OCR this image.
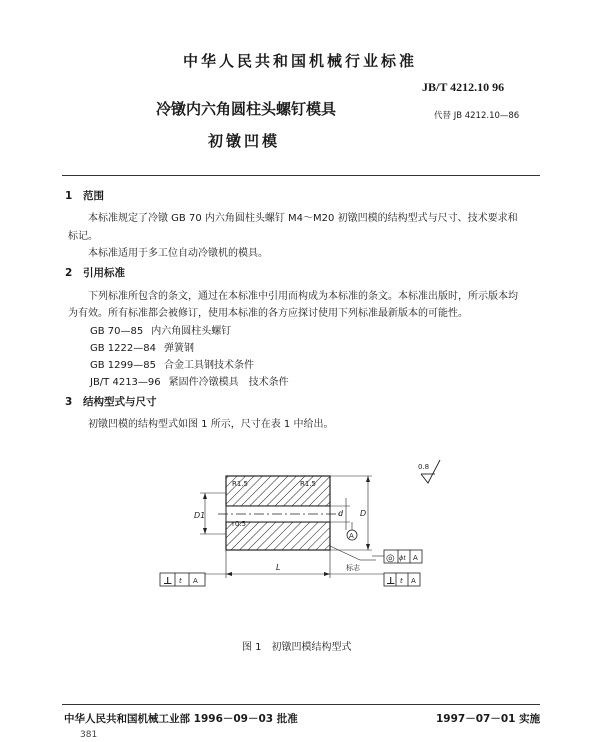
中华人民共和国机械行业标准
JB/T 4212.10 96
冷镦内六角圆柱头螺钉模具	代替 JB 4212.10—86
初镦凹模
1 范围
本标准规定了冷镦 GB 70 内六角圆柱头螺钉 M4～M20 初镦凹模的结构型式与尺寸、技术要求和
标记。
本标准适用于多工位自动冷镦机的模具。
2 引用标准
下列标准所包含的条文，通过在本标准中引用而构成为本标准的条文。本标准出版时，所示版本均
为有效。所有标准都会被修订，使用本标准的各方应探讨使用下列标准最新版本的可能性。
GB 70—85 内六角圆柱头螺钉
GB 1222—84 弹簧钢
GB 1299—85 合金工具钢技术条件
JB/T 4213—96 紧固件冷镦模具　技术条件
3 结构型式与尺寸
初镦凹模的结构型式如图 1 所示，尺寸在表 1 中给出。
R1.5	R1.5
r0.5
D1	D
d
A
0.8
L
⊥ t A	⊥ t A
◎ ϕt A
标志
图 1　初镦凹模结构型式
中华人民共和国机械工业部 1996－09－03 批准	1997－07－01 实施
381
